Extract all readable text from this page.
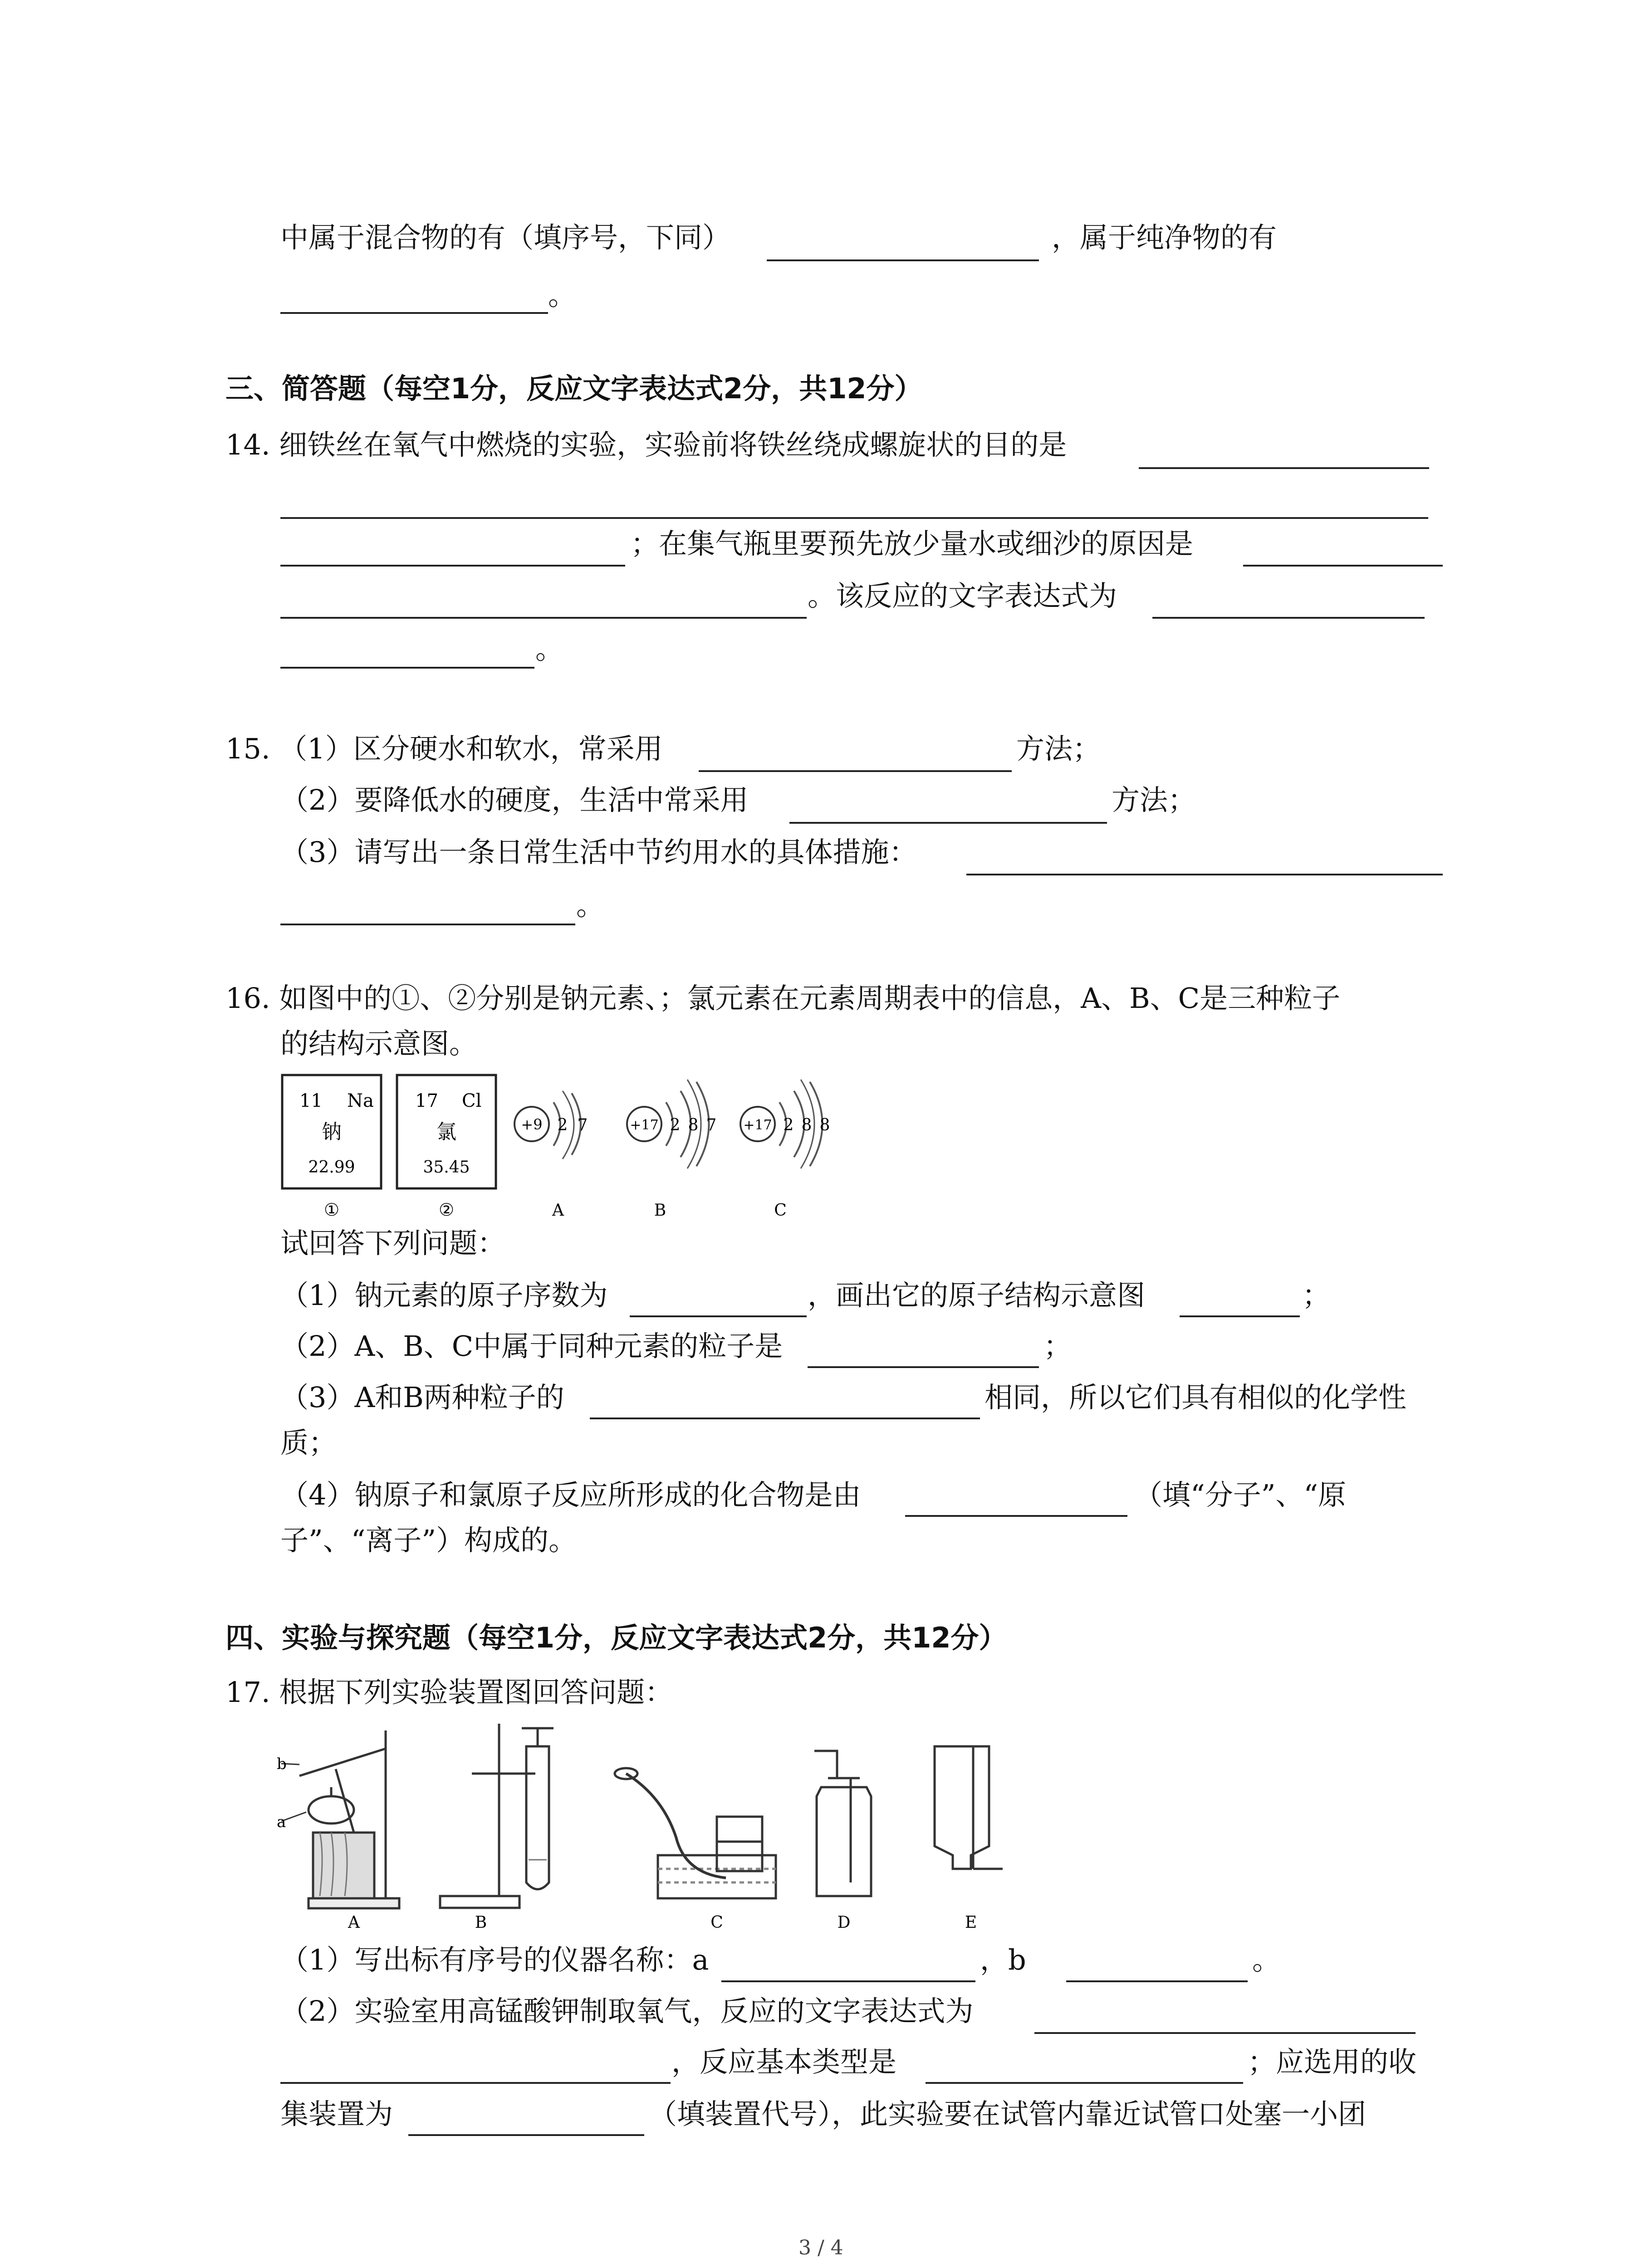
中属于混合物的有（填序号，下同）	，属于纯净物的有
。
三、简答题（每空1分，反应文字表达式2分，共12分）
14. 细铁丝在氧气中燃烧的实验，实验前将铁丝绕成螺旋状的目的是
；在集气瓶里要预先放少量水或细沙的原因是
。该反应的文字表达式为
。
15. （1）区分硬水和软水，常采用	方法；
（2）要降低水的硬度，生活中常采用	方法；
（3）请写出一条日常生活中节约用水的具体措施：
。
16. 如图中的①、②分别是钠元素、；氯元素在元素周期表中的信息，A、B、C是三种粒子
的结构示意图。
11 Na
钠
22.99
①
17 Cl
氯
35.45
②
+9 2 7
A
+17 2 8 7
B
+17 2 8 8
C
试回答下列问题：
（1）钠元素的原子序数为	，画出它的原子结构示意图	；
（2）A、B、C中属于同种元素的粒子是	；
（3）A和B两种粒子的	相同，所以它们具有相似的化学性
质；
（4）钠原子和氯原子反应所形成的化合物是由	（填“分子”、“原
子”、“离子”）构成的。
四、实验与探究题（每空1分，反应文字表达式2分，共12分）
17. 根据下列实验装置图回答问题：
b
a
A	B	C	D	E
（1）写出标有序号的仪器名称：a	，b	。
（2）实验室用高锰酸钾制取氧气，反应的文字表达式为
，反应基本类型是	；应选用的收
集装置为	（填装置代号），此实验要在试管内靠近试管口处塞一小团
3 / 4
